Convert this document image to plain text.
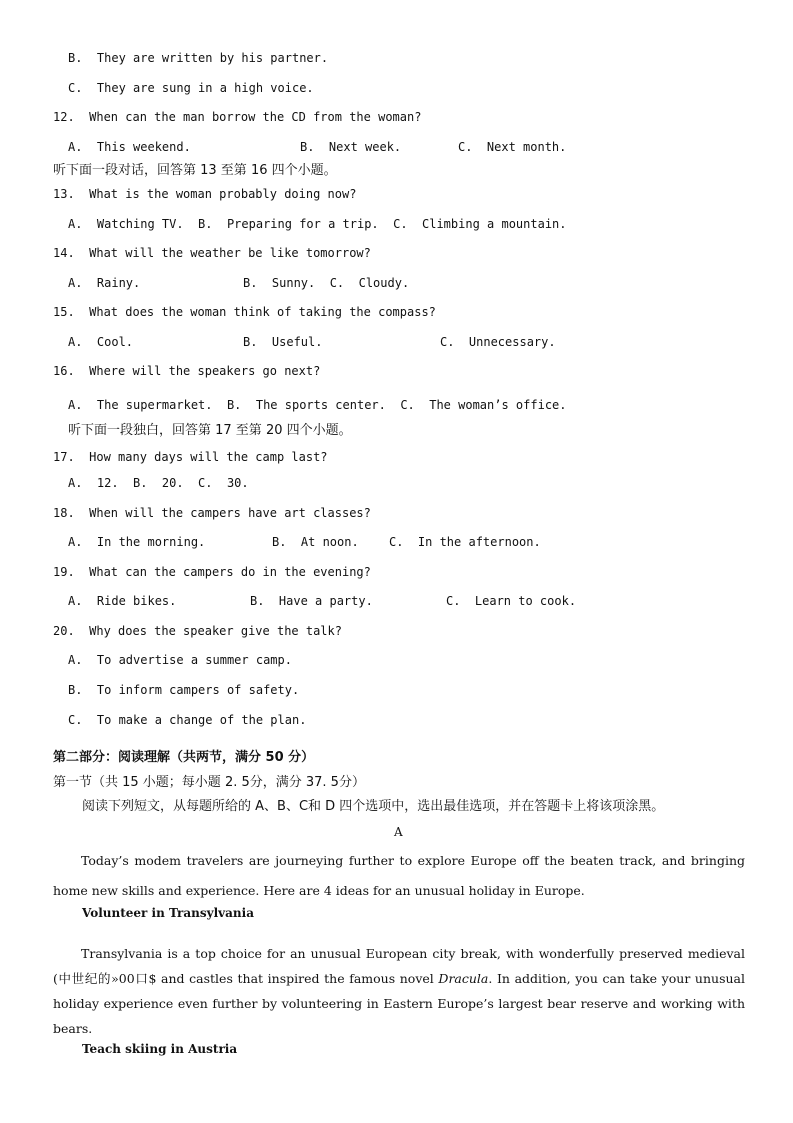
B.  They are written by his partner.
C.  They are sung in a high voice.
12.  When can the man borrow the CD from the woman?
A.  This weekend.	B.  Next week.	C.  Next month.
听下面一段对话，回答第 13 至第 16 四个小题。
13.  What is the woman probably doing now?
A.  Watching TV.  B.  Preparing for a trip.  C.  Climbing a mountain.
14.  What will the weather be like tomorrow?
A.  Rainy.	B.  Sunny.  C.  Cloudy.
15.  What does the woman think of taking the compass?
A.  Cool.	B.  Useful.	C.  Unnecessary.
16.  Where will the speakers go next?
A.  The supermarket.  B.  The sports center.  C.  The woman’s office.
听下面一段独白，回答第 17 至第 20 四个小题。
17.  How many days will the camp last?
A.  12.  B.  20.  C.  30.
18.  When will the campers have art classes?
A.  In the morning.	B.  At noon.	C.  In the afternoon.
19.  What can the campers do in the evening?
A.  Ride bikes.	B.  Have a party.	C.  Learn to cook.
20.  Why does the speaker give the talk?
A.  To advertise a summer camp.
B.  To inform campers of safety.
C.  To make a change of the plan.
第二部分：阅读理解（共两节，满分 50 分）
第一节（共 15 小题；每小题 2. 5分，满分 37. 5分）
阅读下列短文，从每题所给的 A、B、C和 D 四个选项中，选出最佳选项，并在答题卡上将该项涂黑。
A
Today’s modem travelers are journeying further to explore Europe off the beaten track, and bringing home new skills and experience. Here are 4 ideas for an unusual holiday in Europe.
Volunteer in Transylvania
Transylvania is a top choice for an unusual European city break, with wonderfully preserved medieval (中世纪的»00口$ and castles that inspired the famous novel Dracula. In addition, you can take your unusual holiday experience even further by volunteering in Eastern Europe’s largest bear reserve and working with bears.
Teach skiing in Austria
